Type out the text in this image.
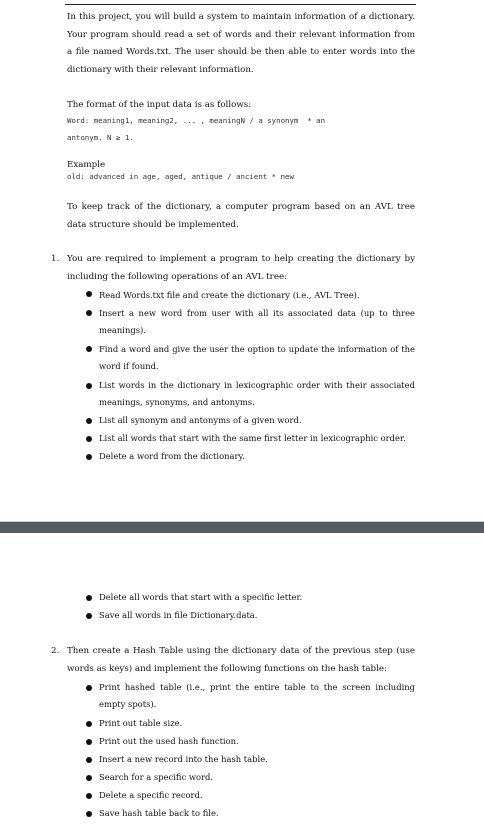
In this project, you will build a system to maintain information of a dictionary. Your program should read a set of words and their relevant information from a file named Words.txt. The user should be then able to enter words into the dictionary with their relevant information.

The format of the input data is as follows:

Word: meaning1, meaning2, ... , meaningN / a synonym  * an

antonym. N ≥ 1.

Example

old: advanced in age, aged, antique / ancient * new

To keep track of the dictionary, a computer program based on an AVL tree data structure should be implemented.

1. You are required to implement a program to help creating the dictionary by including the following operations of an AVL tree:

Read Words.txt file and create the dictionary (i.e., AVL Tree).

Insert a new word from user with all its associated data (up to three meanings).

Find a word and give the user the option to update the information of the word if found.

List words in the dictionary in lexicographic order with their associated meanings, synonyms, and antonyms.

List all synonym and antonyms of a given word.

List all words that start with the same first letter in lexicographic order.

Delete a word from the dictionary.

Delete all words that start with a specific letter.

Save all words in file Dictionary.data.

2. Then create a Hash Table using the dictionary data of the previous step (use words as keys) and implement the following functions on the hash table:

Print hashed table (i.e., print the entire table to the screen including empty spots).

Print out table size.

Print out the used hash function.

Insert a new record into the hash table.

Search for a specific word.

Delete a specific record.

Save hash table back to file.
